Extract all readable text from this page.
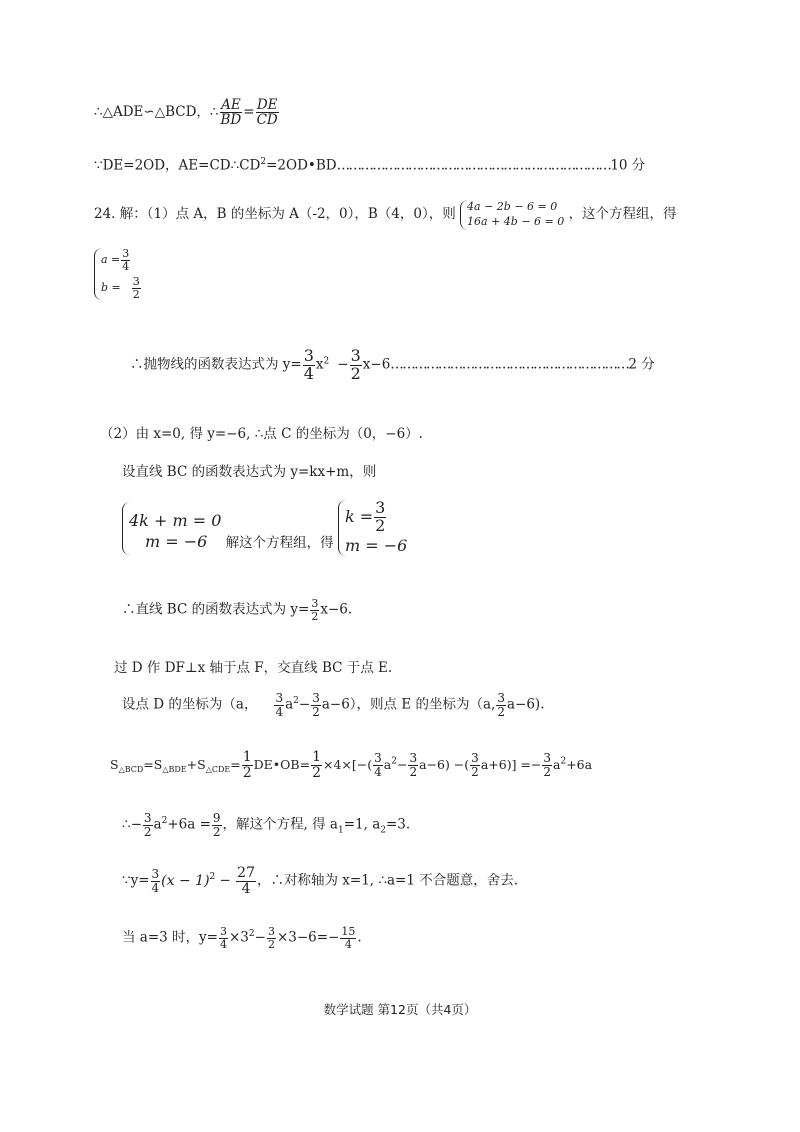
∴△ADE∽△BCD，∴ $\frac{AE}{BD} = \frac{DE}{CD}$
∵DE=2OD，$AE=CD\therefore CD^2=2OD•BD\dots\dots\dots\dots\dots\dots\dots\dots\dots\dots\dots\dots\dots\dots\dots\dots\dots\dots\dots\dots\dots\dots\dots 10$ 分
24. 解：（1）点 A，B 的坐标为 A（-2，0），B（4，0），则 4a − 2b − 6 = 0
16a + 4b − 6 = 0 ，这个方程组，得
$a = \frac{3}{4}$
$b = \frac{3}{2}$
∴抛物线的函数表达式为 $y= \frac{3}{4} x^2 - \frac{3}{2}$ x−6……………………………………………………2 分
（2）由 x=0, 得 y=−6, ∴点 C 的坐标为（0，−6）.
设直线 BC 的函数表达式为 y=kx+m，则
4k + m = 0
m = −6	解这个方程组，得
$k = \frac{3}{2}$
m = −6
∴直线 BC 的函数表达式为 $y= \frac{3}{2} x-6$.
过 D 作 DF⊥x 轴于点 F，交直线 BC 于点 E.
设点 D 的坐标为（a， $\frac{3}{4} a^2- \frac{3}{2} a-6$），则点 E 的坐标为（a, $\frac{3}{2} a-6$).
$S_{\triangle BCD}=S_{\triangle BDE}+S_{\triangle CDE}= \frac{1}{2}$ DE•OB= $\frac{1}{2} \times 4\times[-( \frac{3}{4} a^2- \frac{3}{2} a-6)$ −( $\frac{3}{2} a+6)] =- \frac{3}{2} a^2+6a$
∴− $\frac{3}{2} a^2+6a = \frac{9}{2}$ ，解这个方程, 得 $a_1=1$, $a_2=3$.
∵y= $\frac{3}{4} (x - 1)^2 - \frac{27}{4}$ ，∴对称轴为 x=1, ∴a=1 不合题意，舍去.
当 a=3 时，$y= \frac{3}{4} \times 3^2- \frac{3}{2} \times 3-6=- \frac{15}{4}$ .
数学试题 第12页（共4页）
